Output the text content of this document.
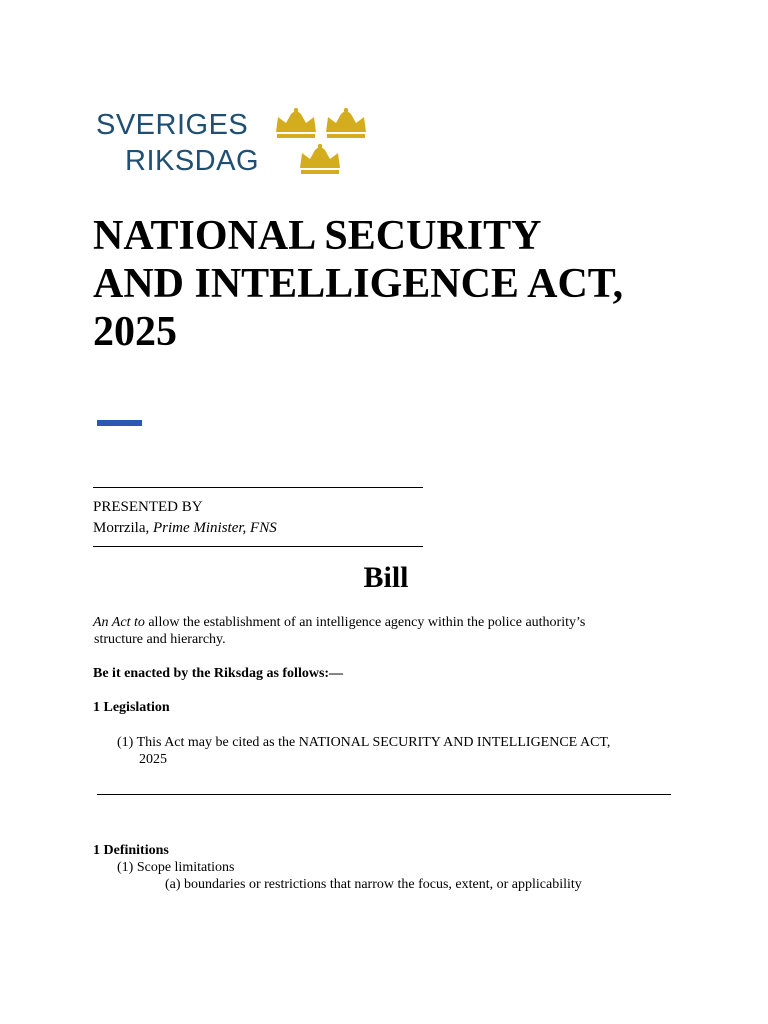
SVERIGES
RIKSDAG
NATIONAL SECURITY
AND INTELLIGENCE ACT,
2025
PRESENTED BY
Morrzila, Prime Minister, FNS
Bill
An Act to allow the establishment of an intelligence agency within the police authority’s
structure and hierarchy.
Be it enacted by the Riksdag as follows:—
1 Legislation
(1) This Act may be cited as the NATIONAL SECURITY AND INTELLIGENCE ACT,
2025
1 Definitions
(1) Scope limitations
(a) boundaries or restrictions that narrow the focus, extent, or applicability
